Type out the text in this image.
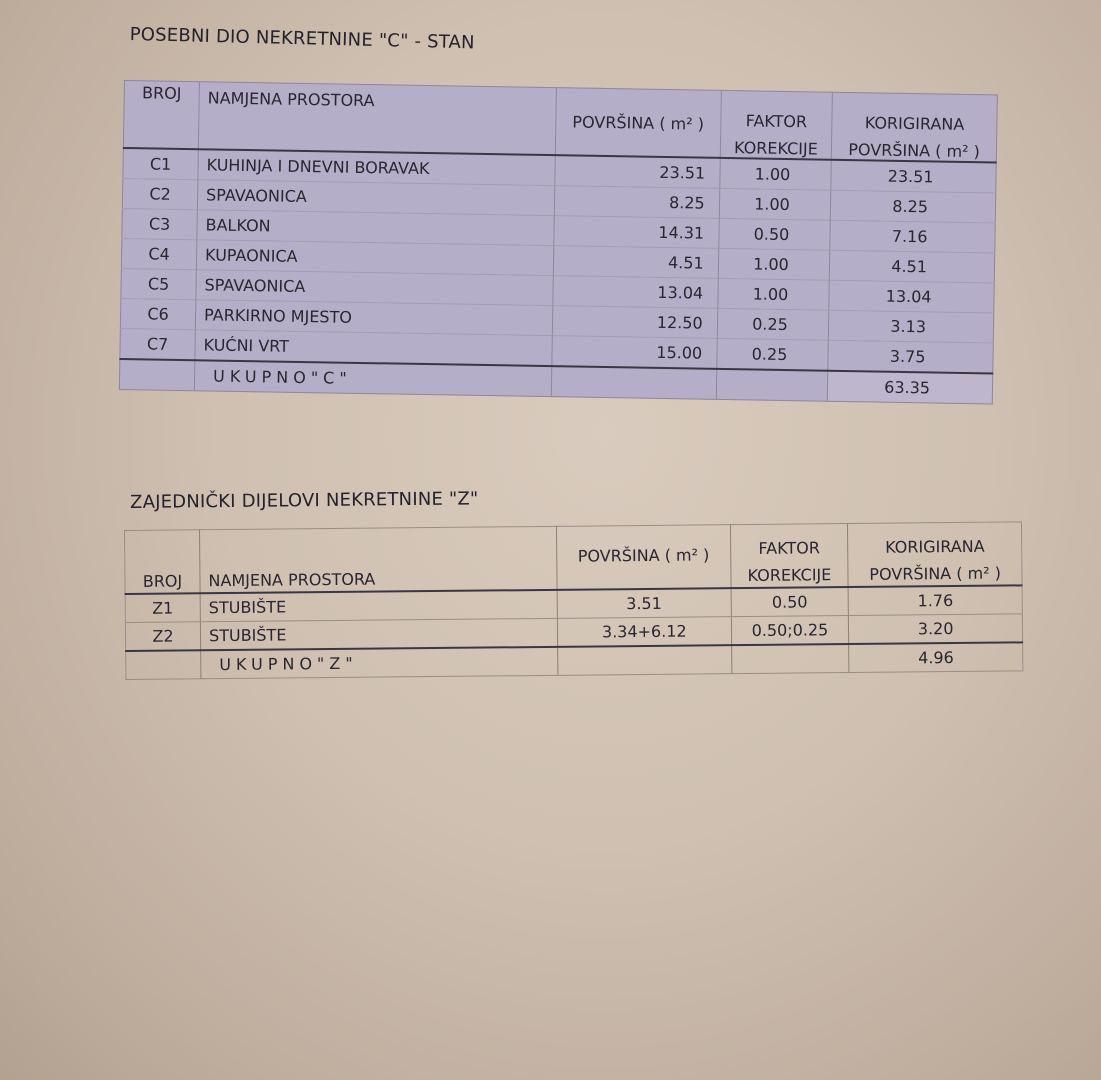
POSEBNI DIO NEKRETNINE "C" - STAN
BROJ	NAMJENA PROSTORA	POVRŠINA ( m² )	FAKTOR
KOREKCIJE	KORIGIRANA
POVRŠINA ( m² )

C1	KUHINJA I DNEVNI BORAVAK	23.51	1.00	23.51
C2	SPAVAONICA	8.25	1.00	8.25
C3	BALKON	14.31	0.50	7.16
C4	KUPAONICA	4.51	1.00	4.51
C5	SPAVAONICA	13.04	1.00	13.04
C6	PARKIRNO MJESTO	12.50	0.25	3.13
C7	KUĆNI VRT	15.00	0.25	3.75
	UKUPNO"C"			63.35
ZAJEDNIČKI DIJELOVI NEKRETNINE "Z"
BROJ	NAMJENA PROSTORA	POVRŠINA ( m² )	FAKTOR
KOREKCIJE	KORIGIRANA
POVRŠINA ( m² )

Z1	STUBIŠTE	3.51	0.50	1.76
Z2	STUBIŠTE	3.34+6.12	0.50;0.25	3.20
	UKUPNO"Z"			4.96
